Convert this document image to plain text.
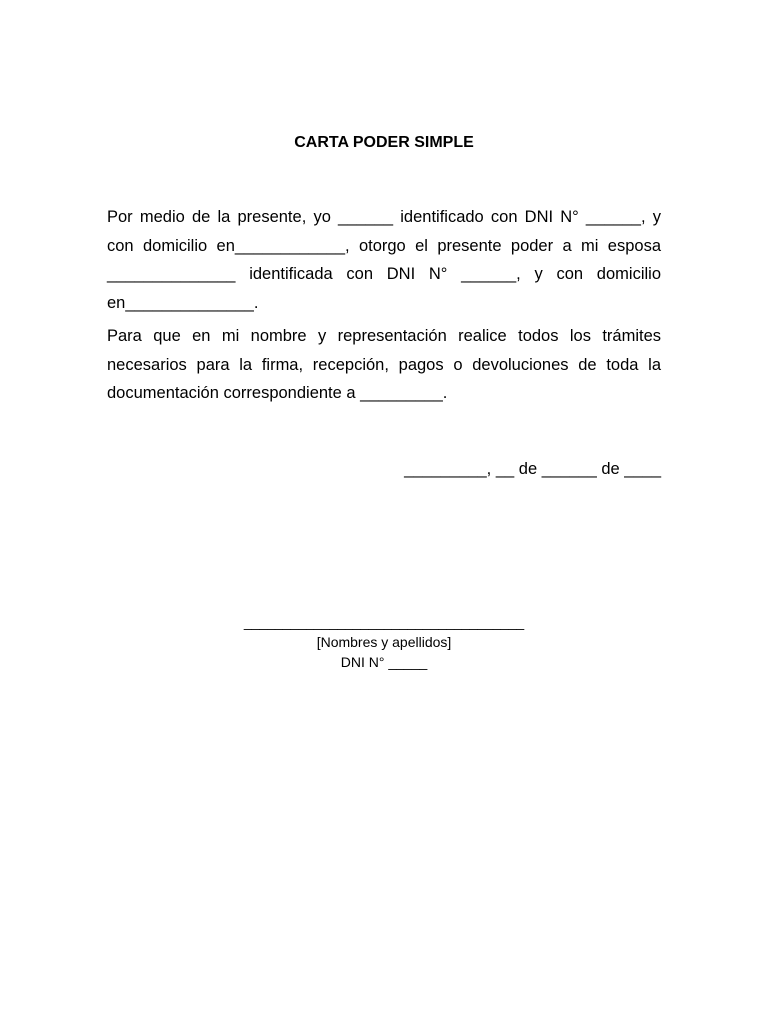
CARTA PODER SIMPLE

Por medio de la presente, yo ______ identificado con DNI N° ______, y con domicilio en____________, otorgo el presente poder a mi esposa ______________ identificada con DNI N° ______, y con domicilio en______________.

Para que en mi nombre y representación realice todos los trámites necesarios para la firma, recepción, pagos o devoluciones de toda la documentación correspondiente a _________.

_________, __ de ______ de ____
____________________________________
[Nombres y apellidos]
DNI N° _____
